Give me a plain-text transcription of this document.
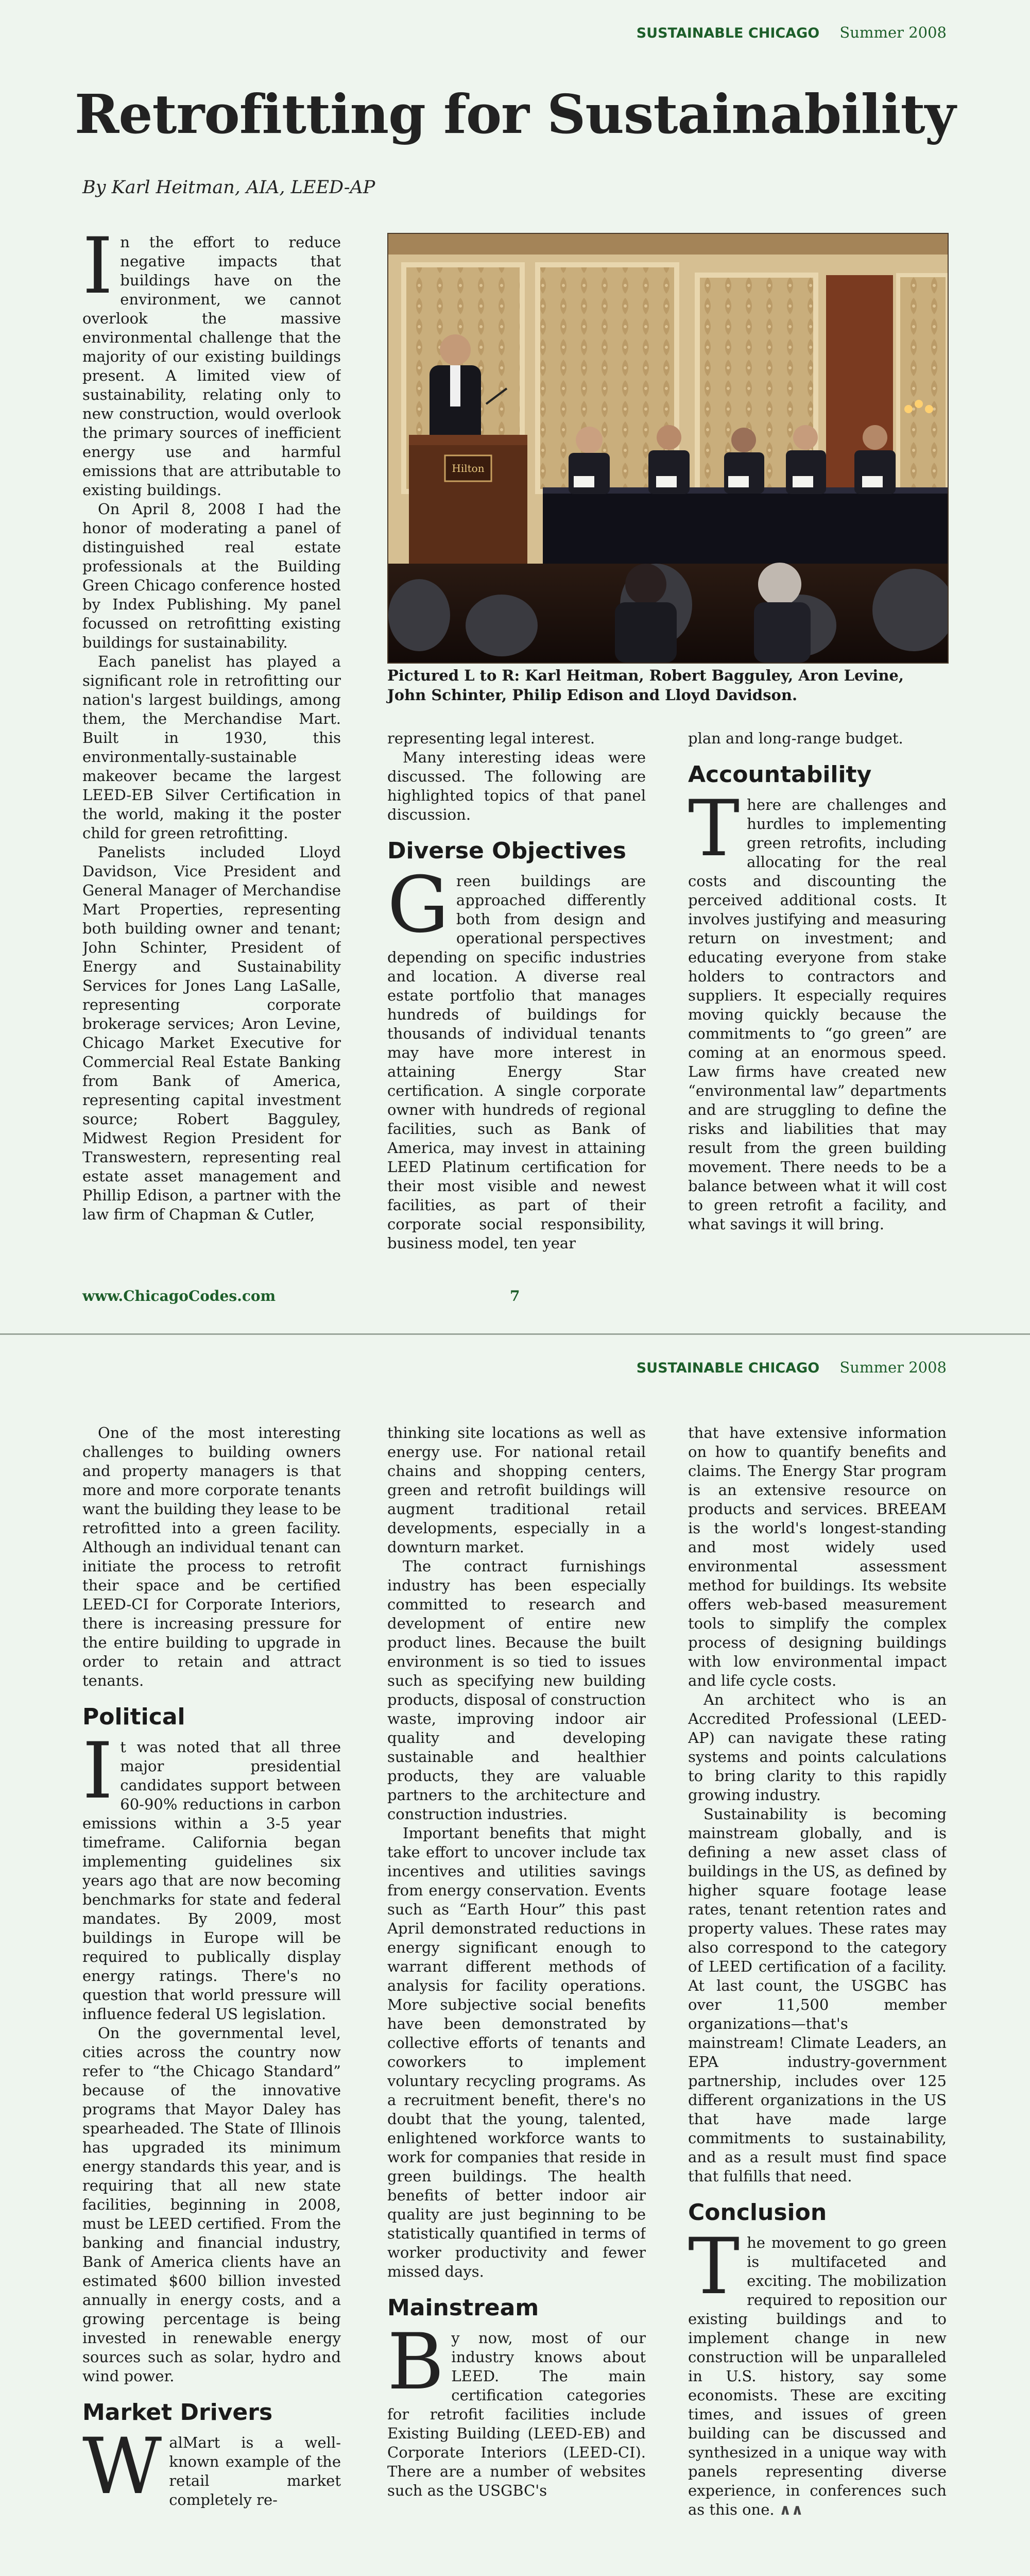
SUSTAINABLE CHICAGO Summer 2008
Retrofitting for Sustainability
By Karl Heitman, AIA, LEED-AP

In the effort to reduce negative impacts that buildings have on the environment, we cannot overlook the massive environmental challenge that the majority of our existing buildings present. A limited view of sustainability, relating only to new construction, would overlook the primary sources of inefficient energy use and harmful emissions that are attributable to existing buildings.

On April 8, 2008 I had the honor of moderating a panel of distinguished real estate professionals at the Building Green Chicago conference hosted by Index Publishing. My panel focussed on retrofitting existing buildings for sustainability.

Each panelist has played a significant role in retrofitting our nation's largest buildings, among them, the Merchandise Mart. Built in 1930, this environmentally-sustainable makeover became the largest LEED-EB Silver Certification in the world, making it the poster child for green retrofitting.

Panelists included Lloyd Davidson, Vice President and General Manager of Merchandise Mart Properties, representing both building owner and tenant; John Schinter, President of Energy and Sustainability Services for Jones Lang LaSalle, representing corporate brokerage services; Aron Levine, Chicago Market Executive for Commercial Real Estate Banking from Bank of America, representing capital investment source; Robert Bagguley, Midwest Region President for Transwestern, representing real estate asset management and Phillip Edison, a partner with the law firm of Chapman & Cutler,

Hilton
Pictured L to R: Karl Heitman, Robert Bagguley, Aron Levine, John Schinter, Philip Edison and Lloyd Davidson.

representing legal interest.

Many interesting ideas were discussed. The following are highlighted topics of that panel discussion.

Diverse Objectives

Green buildings are approached differently both from design and operational perspectives depending on specific industries and location. A diverse real estate portfolio that manages hundreds of buildings for thousands of individual tenants may have more interest in attaining Energy Star certification. A single corporate owner with hundreds of regional facilities, such as Bank of America, may invest in attaining LEED Platinum certification for their most visible and newest facilities, as part of their corporate social responsibility, business model, ten year

plan and long-range budget.

Accountability

There are challenges and hurdles to implementing green retrofits, including allocating for the real costs and discounting the perceived additional costs. It involves justifying and measuring return on investment; and educating everyone from stake holders to contractors and suppliers. It especially requires moving quickly because the commitments to “go green” are coming at an enormous speed. Law firms have created new “environmental law” departments and are struggling to define the risks and liabilities that may result from the green building movement. There needs to be a balance between what it will cost to green retrofit a facility, and what savings it will bring.

www.ChicagoCodes.com	7
SUSTAINABLE CHICAGO Summer 2008

One of the most interesting challenges to building owners and property managers is that more and more corporate tenants want the building they lease to be retrofitted into a green facility. Although an individual tenant can initiate the process to retrofit their space and be certified LEED-CI for Corporate Interiors, there is increasing pressure for the entire building to upgrade in order to retain and attract tenants.

Political

It was noted that all three major presidential candidates support between 60-90% reductions in carbon emissions within a 3-5 year timeframe. California began implementing guidelines six years ago that are now becoming benchmarks for state and federal mandates. By 2009, most buildings in Europe will be required to publically display energy ratings. There's no question that world pressure will influence federal US legislation.

On the governmental level, cities across the country now refer to “the Chicago Standard” because of the innovative programs that Mayor Daley has spearheaded. The State of Illinois has upgraded its minimum energy standards this year, and is requiring that all new state facilities, beginning in 2008, must be LEED certified. From the banking and financial industry, Bank of America clients have an estimated $600 billion invested annually in energy costs, and a growing percentage is being invested in renewable energy sources such as solar, hydro and wind power.

Market Drivers

WalMart is a well-known example of the retail market completely re-

thinking site locations as well as energy use. For national retail chains and shopping centers, green and retrofit buildings will augment traditional retail developments, especially in a downturn market.

The contract furnishings industry has been especially committed to research and development of entire new product lines. Because the built environment is so tied to issues such as specifying new building products, disposal of construction waste, improving indoor air quality and developing sustainable and healthier products, they are valuable partners to the architecture and construction industries.

Important benefits that might take effort to uncover include tax incentives and utilities savings from energy conservation. Events such as “Earth Hour” this past April demonstrated reductions in energy significant enough to warrant different methods of analysis for facility operations. More subjective social benefits have been demonstrated by collective efforts of tenants and coworkers to implement voluntary recycling programs. As a recruitment benefit, there's no doubt that the young, talented, enlightened workforce wants to work for companies that reside in green buildings. The health benefits of better indoor air quality are just beginning to be statistically quantified in terms of worker productivity and fewer missed days.

Mainstream

By now, most of our industry knows about LEED. The main certification categories for retrofit facilities include Existing Building (LEED-EB) and Corporate Interiors (LEED-CI). There are a number of websites such as the USGBC's

that have extensive information on how to quantify benefits and claims. The Energy Star program is an extensive resource on products and services. BREEAM is the world's longest-standing and most widely used environmental assessment method for buildings. Its website offers web-based measurement tools to simplify the complex process of designing buildings with low environmental impact and life cycle costs.

An architect who is an Accredited Professional (LEED-AP) can navigate these rating systems and points calculations to bring clarity to this rapidly growing industry.

Sustainability is becoming mainstream globally, and is defining a new asset class of buildings in the US, as defined by higher square footage lease rates, tenant retention rates and property values. These rates may also correspond to the category of LEED certification of a facility. At last count, the USGBC has over 11,500 member organizations—that's mainstream! Climate Leaders, an EPA industry-government partnership, includes over 125 different organizations in the US that have made large commitments to sustainability, and as a result must find space that fulfills that need.

Conclusion

The movement to go green is multifaceted and exciting. The mobilization required to reposition our existing buildings and to implement change in new construction will be unparalleled in U.S. history, say some economists. These are exciting times, and issues of green building can be discussed and synthesized in a unique way with panels representing diverse experience, in conferences such as this one. ∧∧
